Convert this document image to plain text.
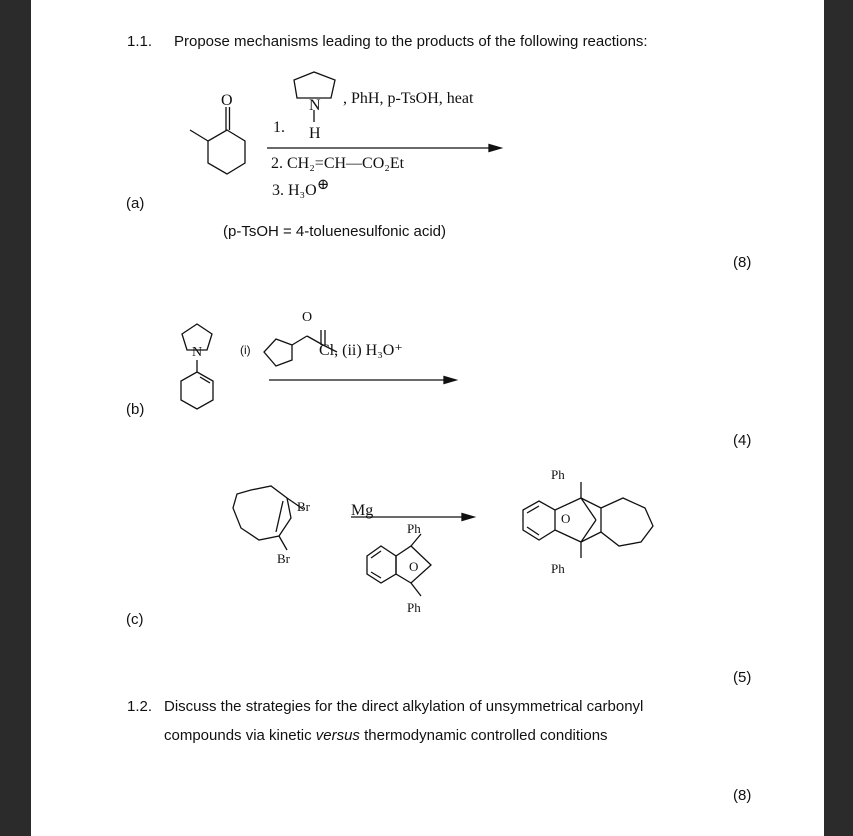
1.1. Propose mechanisms leading to the products of the following reactions:
(a)
O	N
H
1.
, PhH, p-TsOH, heat
2. CH₂=CH—CO₂Et
3. H₃O⊕
(p-TsOH = 4-toluenesulfonic acid)
(8)
(b)
N
O
(i)	Cl, (ii) H₃O⁺
(4)
(c)
Br
Br
Mg
Ph
O
Ph
Ph
O
Ph
(5)
1.2. Discuss the strategies for the direct alkylation of unsymmetrical carbonyl
compounds via kinetic versus thermodynamic controlled conditions
(8)
